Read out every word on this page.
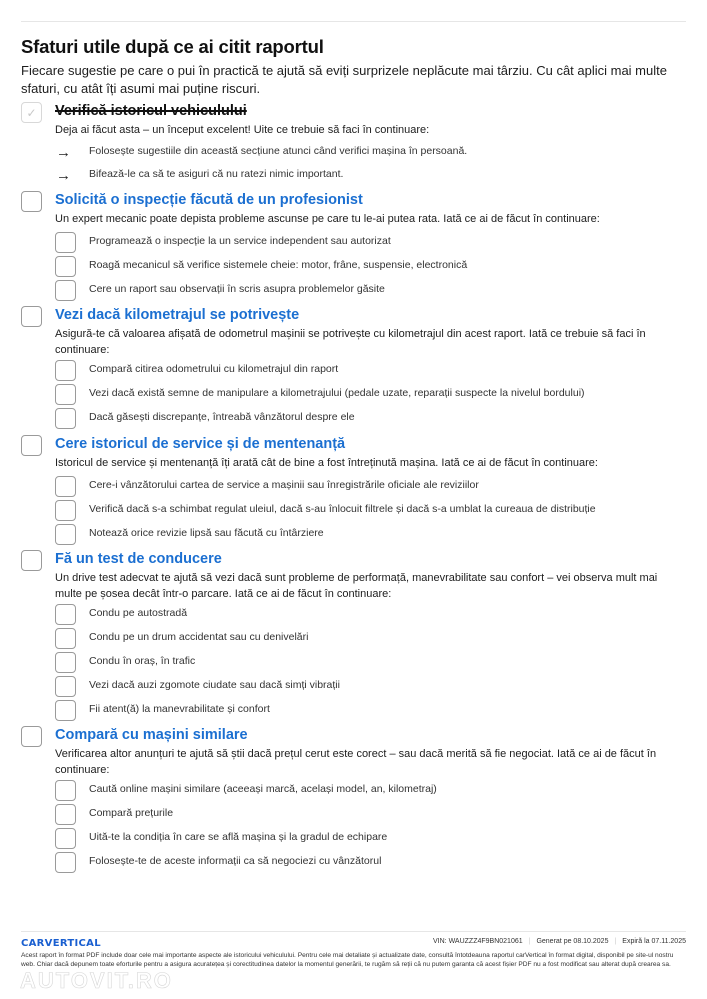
Sfaturi utile după ce ai citit raportul

Fiecare sugestie pe care o pui în practică te ajută să eviți surprizele neplăcute mai târziu. Cu cât aplici mai multe sfaturi, cu atât îți asumi mai puține riscuri.

✓ Verifică istoricul vehiculului
Deja ai făcut asta – un început excelent! Uite ce trebuie să faci în continuare:
→ Folosește sugestiile din această secțiune atunci când verifici mașina în persoană.
→ Bifează-le ca să te asiguri că nu ratezi nimic important.
Solicită o inspecție făcută de un profesionist
Un expert mecanic poate depista probleme ascunse pe care tu le-ai putea rata. Iată ce ai de făcut în continuare:
Programează o inspecție la un service independent sau autorizat
Roagă mecanicul să verifice sistemele cheie: motor, frâne, suspensie, electronică
Cere un raport sau observații în scris asupra problemelor găsite
Vezi dacă kilometrajul se potrivește
Asigură-te că valoarea afișată de odometrul mașinii se potrivește cu kilometrajul din acest raport. Iată ce trebuie să faci în continuare:
Compară citirea odometrului cu kilometrajul din raport
Vezi dacă există semne de manipulare a kilometrajului (pedale uzate, reparații suspecte la nivelul bordului)
Dacă găsești discrepanțe, întreabă vânzătorul despre ele
Cere istoricul de service și de mentenanță
Istoricul de service și mentenanță îți arată cât de bine a fost întreținută mașina. Iată ce ai de făcut în continuare:
Cere-i vânzătorului cartea de service a mașinii sau înregistrările oficiale ale reviziilor
Verifică dacă s-a schimbat regulat uleiul, dacă s-au înlocuit filtrele și dacă s-a umblat la cureaua de distribuție
Notează orice revizie lipsă sau făcută cu întârziere
Fă un test de conducere
Un drive test adecvat te ajută să vezi dacă sunt probleme de performață, manevrabilitate sau confort – vei observa mult mai multe pe șosea decât într-o parcare. Iată ce ai de făcut în continuare:
Condu pe autostradă
Condu pe un drum accidentat sau cu denivelări
Condu în oraș, în trafic
Vezi dacă auzi zgomote ciudate sau dacă simți vibrații
Fii atent(ă) la manevrabilitate și confort
Compară cu mașini similare
Verificarea altor anunțuri te ajută să știi dacă prețul cerut este corect – sau dacă merită să fie negociat. Iată ce ai de făcut în continuare:
Caută online mașini similare (aceeași marcă, același model, an, kilometraj)
Compară prețurile
Uită-te la condiția în care se află mașina și la gradul de echipare
Folosește-te de aceste informații ca să negociezi cu vânzătorul
CARVERTICAL	VIN: WAUZZZ4F9BN021061 | Generat pe 08.10.2025 | Expiră la 07.11.2025

Acest raport în format PDF include doar cele mai importante aspecte ale istoricului vehiculului. Pentru cele mai detaliate și actualizate date, consultă întotdeauna raportul carVertical în format digital, disponibil pe site-ul nostru web. Chiar dacă depunem toate eforturile pentru a asigura acuratețea și corectitudinea datelor la momentul generării, te rugăm să reții că nu putem garanta că acest fișier PDF nu a fost modificat sau alterat după crearea sa.

AUTOVIT.RO
